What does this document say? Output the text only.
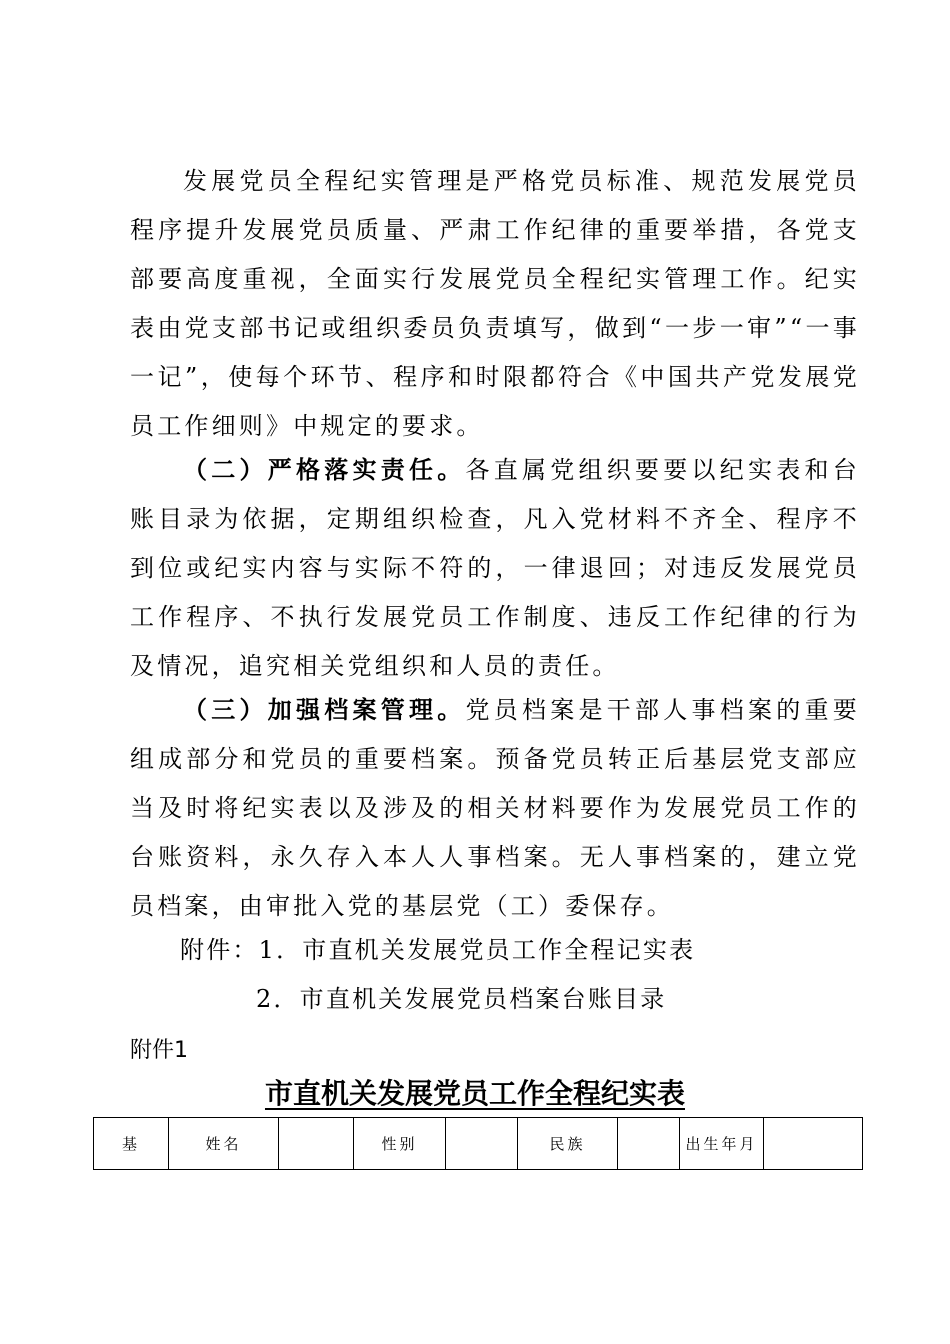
发展党员全程纪实管理是严格党员标准、规范发展党员程序提升发展党员质量、严肃工作纪律的重要举措，各党支部要高度重视，全面实行发展党员全程纪实管理工作。纪实表由党支部书记或组织委员负责填写，做到“一步一审”“一事一记”，使每个环节、程序和时限都符合《中国共产党发展党员工作细则》中规定的要求。

（二）严格落实责任。各直属党组织要要以纪实表和台账目录为依据，定期组织检查，凡入党材料不齐全、程序不到位或纪实内容与实际不符的，一律退回；对违反发展党员工作程序、不执行发展党员工作制度、违反工作纪律的行为及情况，追究相关党组织和人员的责任。

（三）加强档案管理。党员档案是干部人事档案的重要组成部分和党员的重要档案。预备党员转正后基层党支部应当及时将纪实表以及涉及的相关材料要作为发展党员工作的台账资料，永久存入本人人事档案。无人事档案的，建立党员档案，由审批入党的基层党（工）委保存。

附件：1．市直机关发展党员工作全程记实表

2．市直机关发展党员档案台账目录

附件1

市直机关发展党员工作全程纪实表

基	姓名		性别		民族		出生年月	
